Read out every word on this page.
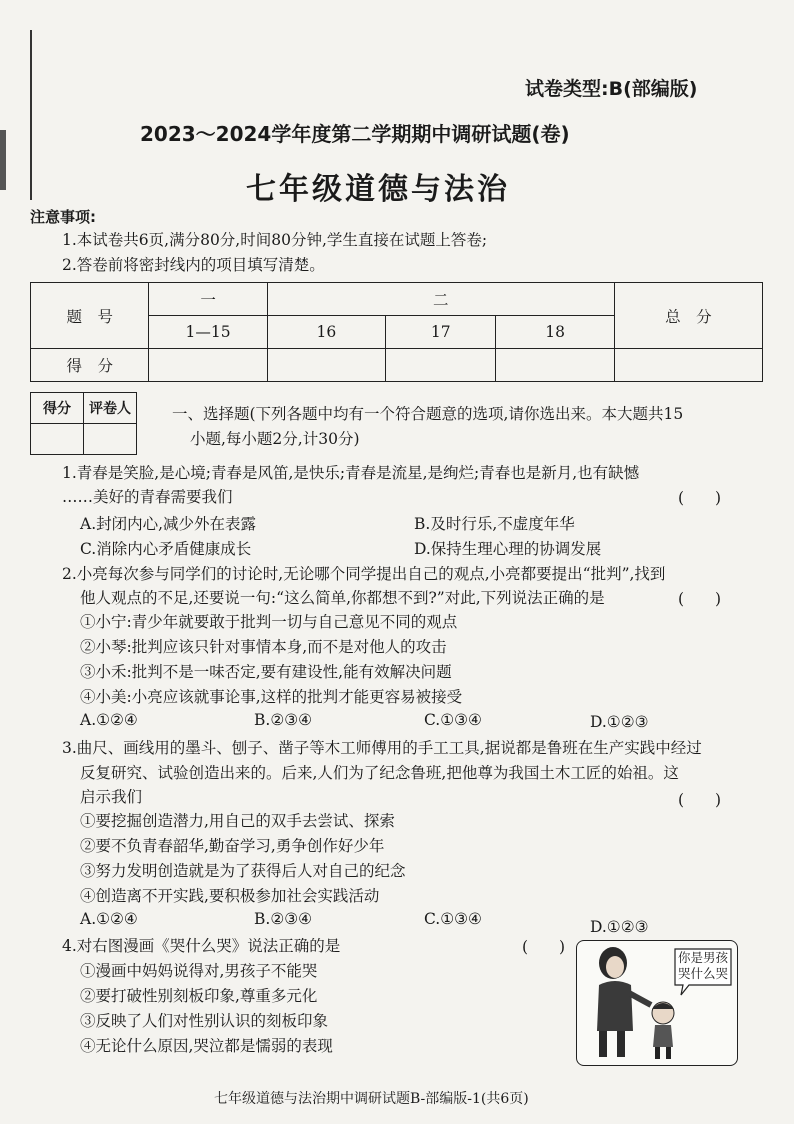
试卷类型:B(部编版)
2023～2024学年度第二学期期中调研试题(卷)
七年级道德与法治
注意事项:
1.本试卷共6页,满分80分,时间80分钟,学生直接在试题上答卷;
2.答卷前将密封线内的项目填写清楚。
题　号	一	二			总　分
	1—15	16	17	18	
得　分					
得分	评卷人
		一、选择题(下列各题中均有一个符合题意的选项,请你选出来。本大题共15
小题,每小题2分,计30分)
1.青春是笑脸,是心境;青春是风笛,是快乐;青春是流星,是绚烂;青春也是新月,也有缺憾
……美好的青春需要我们	(　　)
A.封闭内心,减少外在表露	B.及时行乐,不虚度年华
C.消除内心矛盾健康成长	D.保持生理心理的协调发展
2.小亮每次参与同学们的讨论时,无论哪个同学提出自己的观点,小亮都要提出“批判”,找到
他人观点的不足,还要说一句:“这么简单,你都想不到?”对此,下列说法正确的是	(　　)
①小宁:青少年就要敢于批判一切与自己意见不同的观点
②小琴:批判应该只针对事情本身,而不是对他人的攻击
③小禾:批判不是一味否定,要有建设性,能有效解决问题
④小美:小亮应该就事论事,这样的批判才能更容易被接受
A.①②④	B.②③④	C.①③④	D.①②③
3.曲尺、画线用的墨斗、刨子、凿子等木工师傅用的手工工具,据说都是鲁班在生产实践中经过
反复研究、试验创造出来的。后来,人们为了纪念鲁班,把他尊为我国土木工匠的始祖。这
启示我们	(　　)
①要挖掘创造潜力,用自己的双手去尝试、探索
②要不负青春韶华,勤奋学习,勇争创作好少年
③努力发明创造就是为了获得后人对自己的纪念
④创造离不开实践,要积极参加社会实践活动
A.①②④	B.②③④	C.①③④	D.①②③
4.对右图漫画《哭什么哭》说法正确的是	(　　)
①漫画中妈妈说得对,男孩子不能哭
②要打破性别刻板印象,尊重多元化
③反映了人们对性别认识的刻板印象
④无论什么原因,哭泣都是懦弱的表现
你是男孩哭什么哭
七年级道德与法治期中调研试题B-部编版-1(共6页)
